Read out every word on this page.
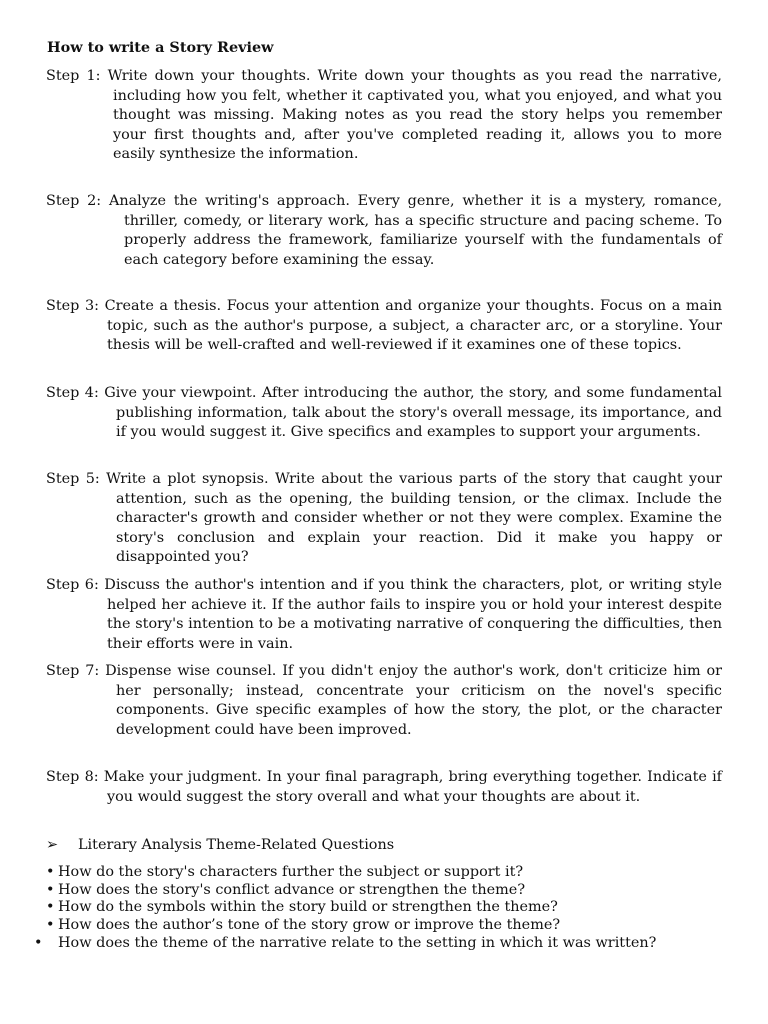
How to write a Story Review

Step 1: Write down your thoughts. Write down your thoughts as you read the narrative, including how you felt, whether it captivated you, what you enjoyed, and what you thought was missing. Making notes as you read the story helps you remember your first thoughts and, after you've completed reading it, allows you to more easily synthesize the information.

Step 2: Analyze the writing's approach. Every genre, whether it is a mystery, romance, thriller, comedy, or literary work, has a specific structure and pacing scheme. To properly address the framework, familiarize yourself with the fundamentals of each category before examining the essay.

Step 3: Create a thesis. Focus your attention and organize your thoughts. Focus on a main topic, such as the author's purpose, a subject, a character arc, or a storyline. Your thesis will be well-crafted and well-reviewed if it examines one of these topics.

Step 4: Give your viewpoint. After introducing the author, the story, and some fundamental publishing information, talk about the story's overall message, its importance, and if you would suggest it. Give specifics and examples to support your arguments.

Step 5: Write a plot synopsis. Write about the various parts of the story that caught your attention, such as the opening, the building tension, or the climax. Include the character's growth and consider whether or not they were complex. Examine the story's conclusion and explain your reaction. Did it make you happy or disappointed you?

Step 6: Discuss the author's intention and if you think the characters, plot, or writing style helped her achieve it. If the author fails to inspire you or hold your interest despite the story's intention to be a motivating narrative of conquering the difficulties, then their efforts were in vain.

Step 7: Dispense wise counsel. If you didn't enjoy the author's work, don't criticize him or her personally; instead, concentrate your criticism on the novel's specific components. Give specific examples of how the story, the plot, or the character development could have been improved.

Step 8: Make your judgment. In your final paragraph, bring everything together. Indicate if you would suggest the story overall and what your thoughts are about it.

➢ Literary Analysis Theme-Related Questions
• How do the story's characters further the subject or support it?
• How does the story's conflict advance or strengthen the theme?
• How do the symbols within the story build or strengthen the theme?
• How does the author’s tone of the story grow or improve the theme?
• How does the theme of the narrative relate to the setting in which it was written?
